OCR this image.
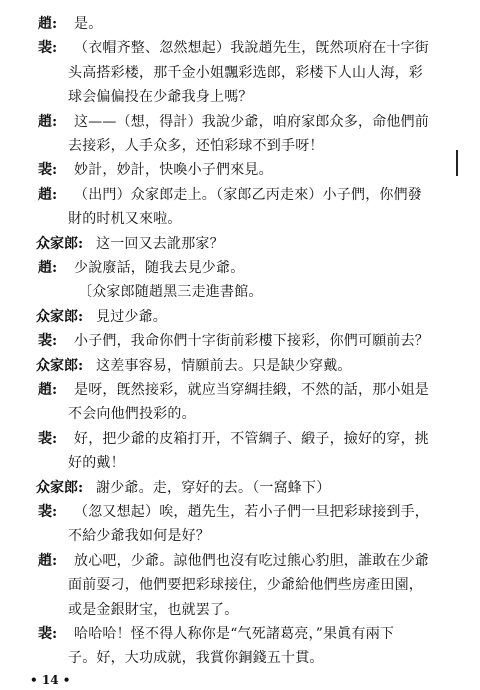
趙: 是。
裴: （衣帽齐整、忽然想起）我說趙先生，旣然项府在十字街
头高搭彩楼，那千金小姐飄彩选郎，彩楼下人山人海，彩
球会偏偏投在少爺我身上嗎？
趙: 这——（想，得計）我說少爺，咱府家郎众多，命他們前
去接彩，人手众多，还怕彩球不到手呀！
裴: 妙計，妙計，快喚小子們來見。
趙: （出門）众家郎走上。（家郎乙丙走來）小子們，你們發
財的时机又來啦。
众家郎: 这一回又去訛那家？
趙: 少說廢話，随我去見少爺。
〔众家郎随趙黑三走進書館。
众家郎: 見过少爺。
裴: 小子們，我命你們十字街前彩樓下接彩，你們可願前去？
众家郎: 这差事容易，情願前去。只是缺少穿戴。
趙: 是呀，旣然接彩，就应当穿綢挂緞，不然的話，那小姐是
不会向他們投彩的。
裴: 好，把少爺的皮箱打开，不管綢子、緞子，撿好的穿，挑
好的戴！
众家郎: 謝少爺。走，穿好的去。（一窩蜂下）
裴: （忽又想起）唉，趙先生，若小子們一旦把彩球接到手，
不給少爺我如何是好？
趙: 放心吧，少爺。諒他們也沒有吃过熊心豹胆，誰敢在少爺
面前耍刁，他們要把彩球接住，少爺給他們些房產田園，
或是金銀財宝，也就罢了。
裴: 哈哈哈！怪不得人称你是“气死諸葛亮，”果眞有兩下
子。好，大功成就，我賞你銅錢五十貫。
• 14 •
